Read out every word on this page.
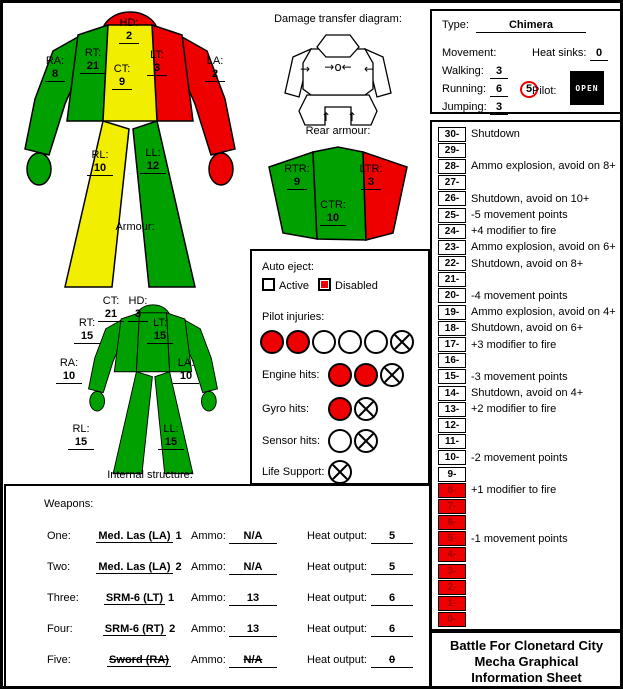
HD:
2
RT:
21	CT:
9
LT:
3
RA:
8
LA:
2
RL:
10
LL:
12
Armour:
Damage transfer diagram:
→ →o← ←
↑ ↑
Rear armour:
RTR:
9
CTR:
10
LTR:
3
CT:
21
HD:
3
RT:
15
LT:
15
RA:
10
LA:
10
RL:
15
LL:
15
Internal structure:
Auto eject:
Active Disabled
Pilot injuries:
Engine hits:
Gyro hits:
Sensor hits:
Life Support:
Type:	Chimera
Movement:	Heat sinks: 0
Walking:	3
Running: 6	5 Pilot:	OPEN
Jumping: 3
30-	Shutdown
29-
28-	Ammo explosion, avoid on 8+
27-
26-	Shutdown, avoid on 10+
25-	-5 movement points
24-	+4 modifier to fire
23-	Ammo explosion, avoid on 6+
22-	Shutdown, avoid on 8+
21-
20-	-4 movement points
19-	Ammo explosion, avoid on 4+
18-	Shutdown, avoid on 6+
17-	+3 modifier to fire
16-
15-	-3 movement points
14-	Shutdown, avoid on 4+
13-	+2 modifier to fire
12-
11-
10-	-2 movement points
9-
8-	+1 modifier to fire
7-
6-
5-	-1 movement points
4-
3-
2-
1-
0-
Battle For Clonetard City
Mecha Graphical
Information Sheet
Weapons:
One:	Med. Las (LA) 1 Ammo:	N/A	Heat output:	5
Two:	Med. Las (LA) 2 Ammo:	N/A	Heat output:	5
Three:	SRM-6 (LT) 1	Ammo:	13	Heat output:	6
Four:	SRM-6 (RT) 2	Ammo:	13	Heat output:	6
Five:	Sword (RA)	Ammo:	N/A	Heat output:	0
